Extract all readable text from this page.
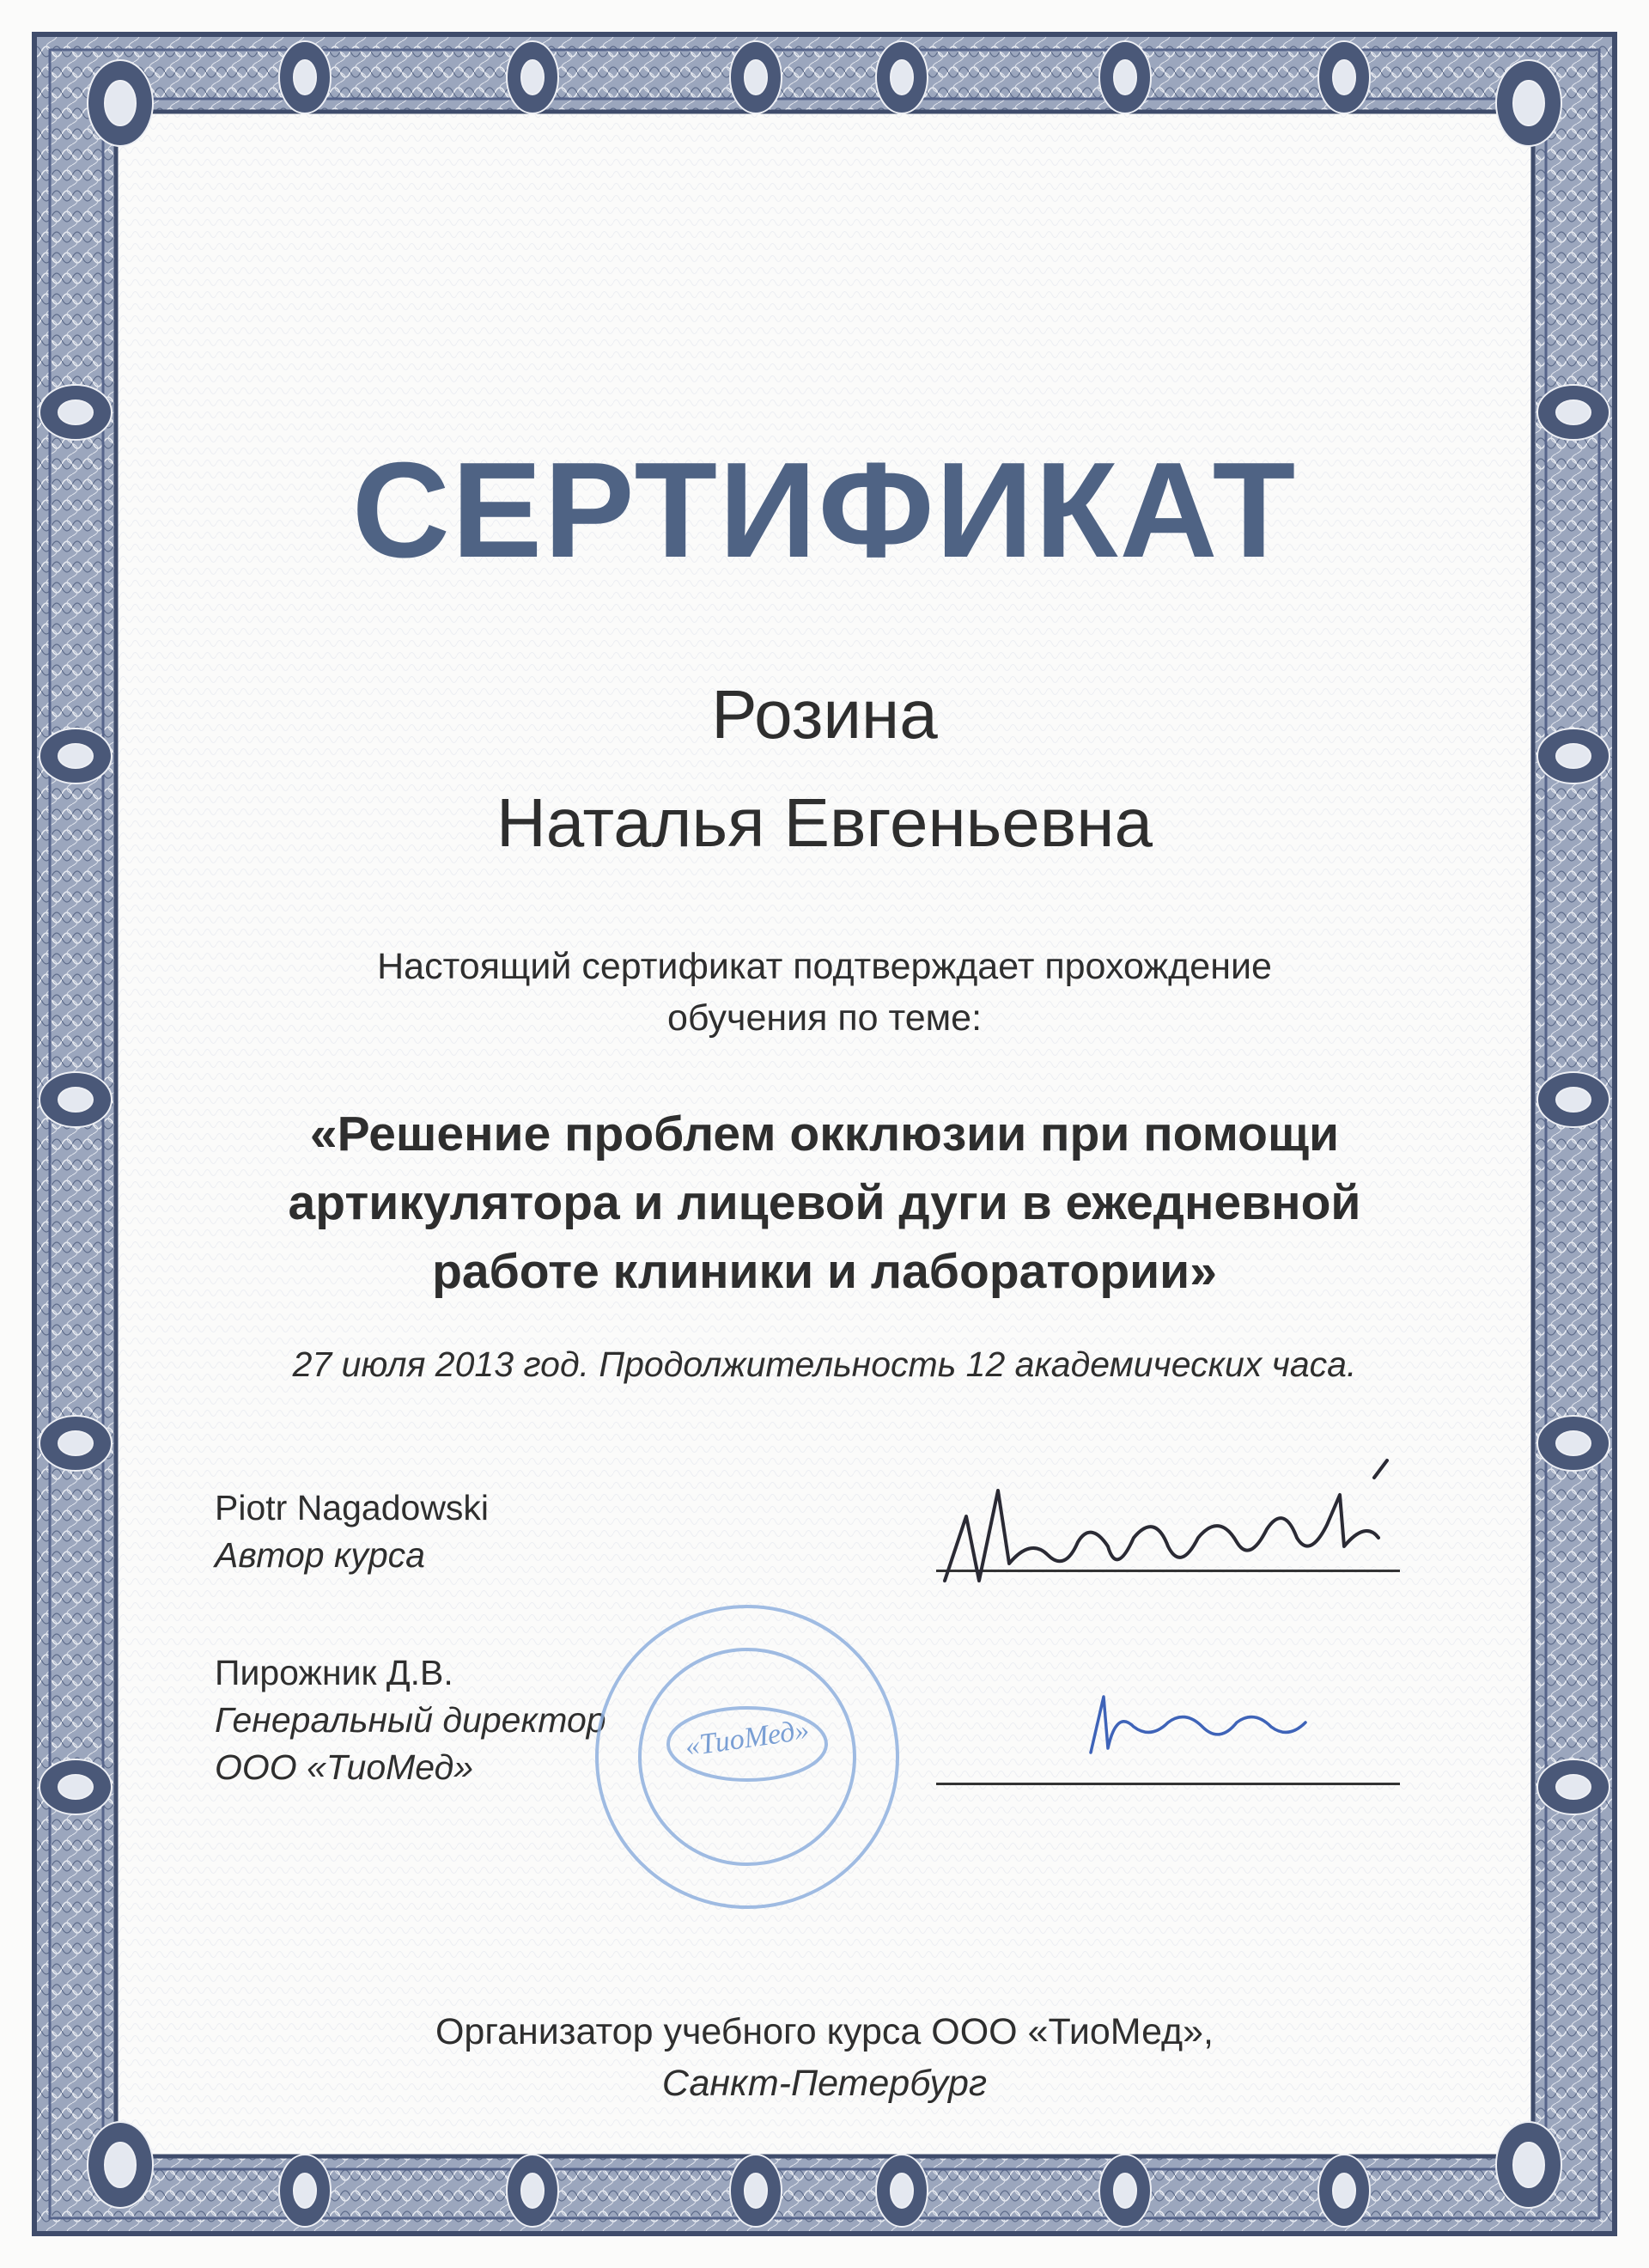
СЕРТИФИКАТ
Розина
Наталья Евгеньевна
Настоящий сертификат подтверждает прохождение
обучения по теме:
«Решение проблем окклюзии при помощи
артикулятора и лицевой дуги в ежедневной
работе клиники и лаборатории»
27 июля 2013 год. Продолжительность 12 академических часа.
Piotr Nagadowski
Автор курса
Пирожник Д.В.
Генеральный директор
ООО «ТиоМед»
«ТиоМед»
Организатор учебного курса ООО «ТиоМед»,
Санкт-Петербург
